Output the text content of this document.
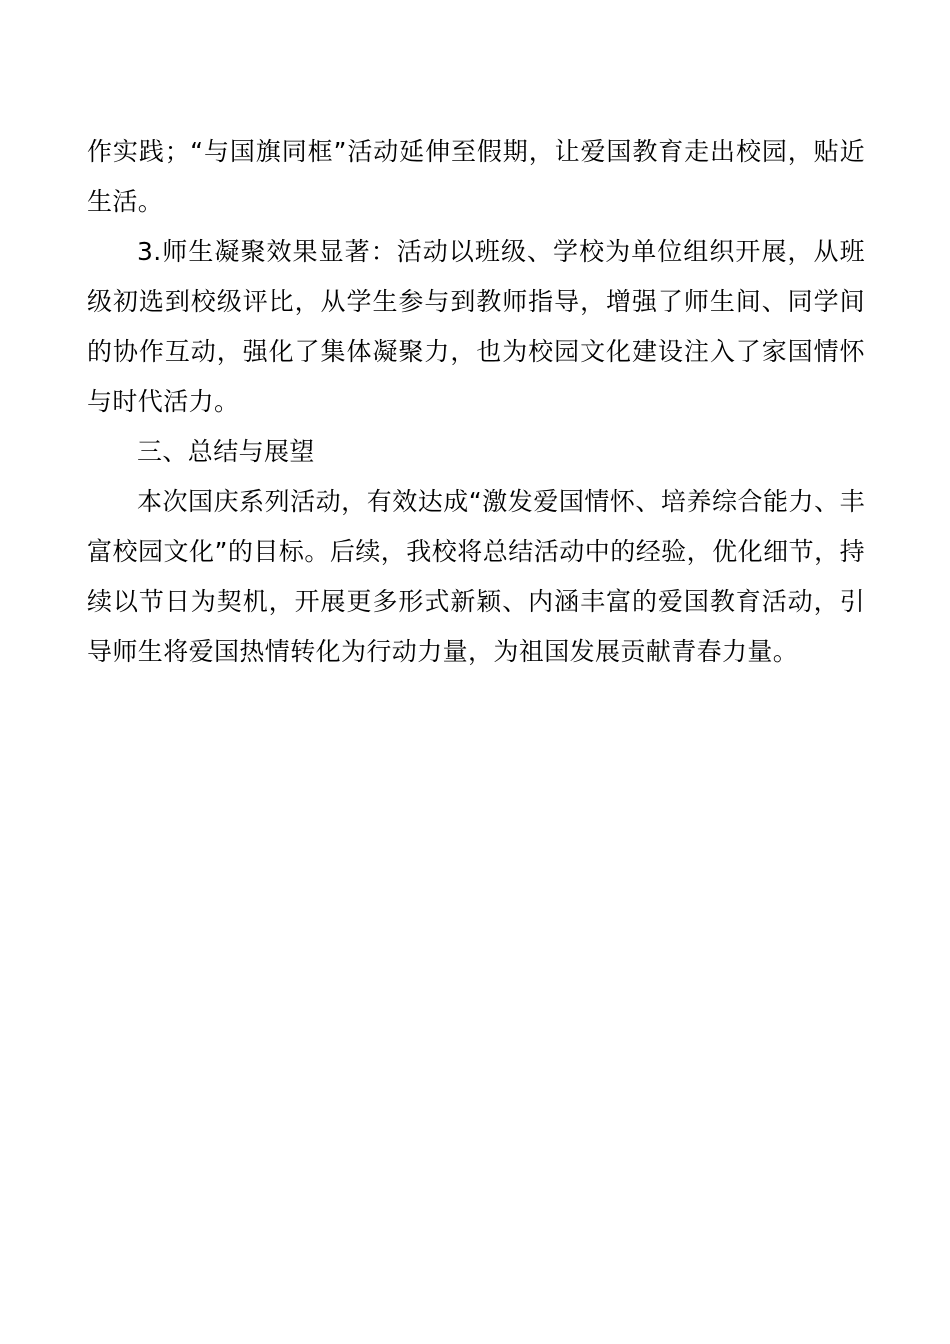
作实践；“与国旗同框”活动延伸至假期，让爱国教育走出校园，贴近生活。

3.师生凝聚效果显著：活动以班级、学校为单位组织开展，从班级初选到校级评比，从学生参与到教师指导，增强了师生间、同学间的协作互动，强化了集体凝聚力，也为校园文化建设注入了家国情怀与时代活力。

三、总结与展望

本次国庆系列活动，有效达成“激发爱国情怀、培养综合能力、丰富校园文化”的目标。后续，我校将总结活动中的经验，优化细节，持续以节日为契机，开展更多形式新颖、内涵丰富的爱国教育活动，引导师生将爱国热情转化为行动力量，为祖国发展贡献青春力量。
